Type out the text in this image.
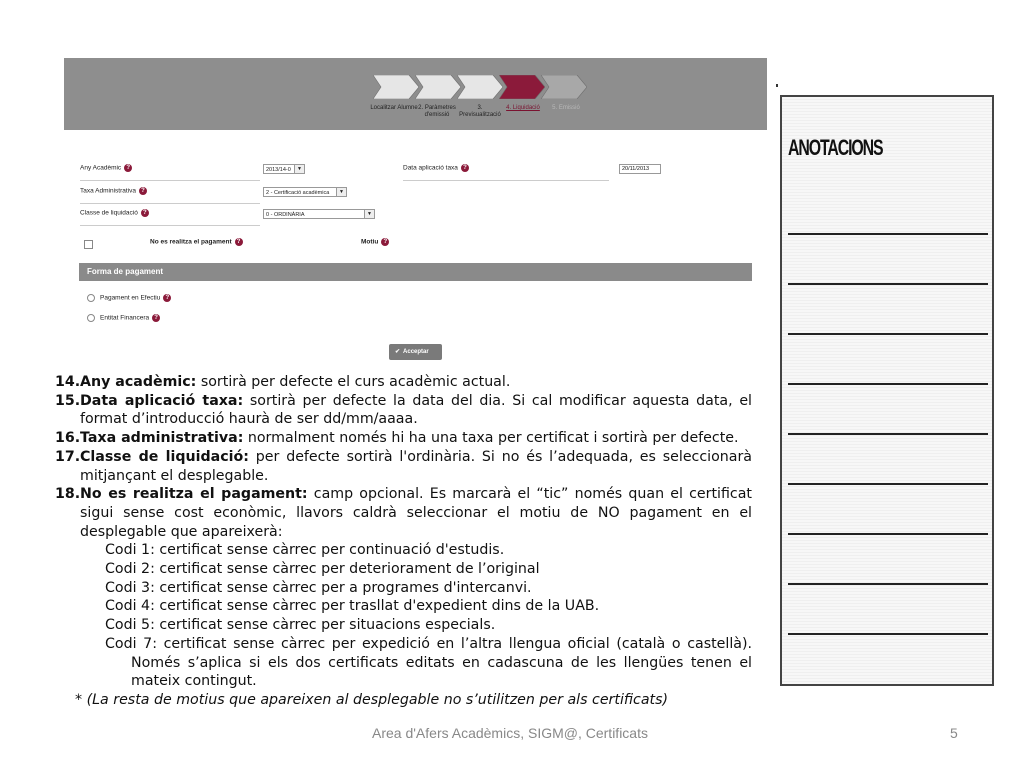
Localitzar Alumne 2. Paràmetres d'emissió
3. Previsualització
4. Liquidació	5. Emissió
Any Acadèmic ?	2013/14-0	▼	Data aplicació taxa ?	20/11/2013
Taxa Administrativa ?	2 - Certificació acadèmica	▼
Classe de liquidació ?	0 - ORDINÀRIA	▼
No es realitza el pagament ?	Motiu ?
Forma de pagament
Pagament en Efectiu ?
Entitat Financera ?
✔ Acceptar
14. Any acadèmic: sortirà per defecte el curs acadèmic actual.
15. Data aplicació taxa: sortirà per defecte la data del dia. Si cal modificar aquesta data, el format d’introducció haurà de ser dd/mm/aaaa.
16. Taxa administrativa: normalment només hi ha una taxa per certificat i sortirà per defecte.
17. Classe de liquidació: per defecte sortirà l'ordinària. Si no és l’adequada, es seleccionarà mitjançant el desplegable.
18. No es realitza el pagament: camp opcional. Es marcarà el “tic” només quan el certificat sigui sense cost econòmic, llavors caldrà seleccionar el motiu de NO pagament en el desplegable que apareixerà:
Codi 1: certificat sense càrrec per continuació d'estudis.
Codi 2: certificat sense càrrec per deteriorament de l’original
Codi 3: certificat sense càrrec per a programes d'intercanvi.
Codi 4: certificat sense càrrec per trasllat d'expedient dins de la UAB.
Codi 5: certificat sense càrrec per situacions especials.
Codi 7: certificat sense càrrec per expedició en l’altra llengua oficial (català o castellà). Només s’aplica si els dos certificats editats en cadascuna de les llengües tenen el mateix contingut.
* (La resta de motius que apareixen al desplegable no s’utilitzen per als certificats)
ANOTACIONS
Area d'Afers Acadèmics, SIGM@, Certificats	5
